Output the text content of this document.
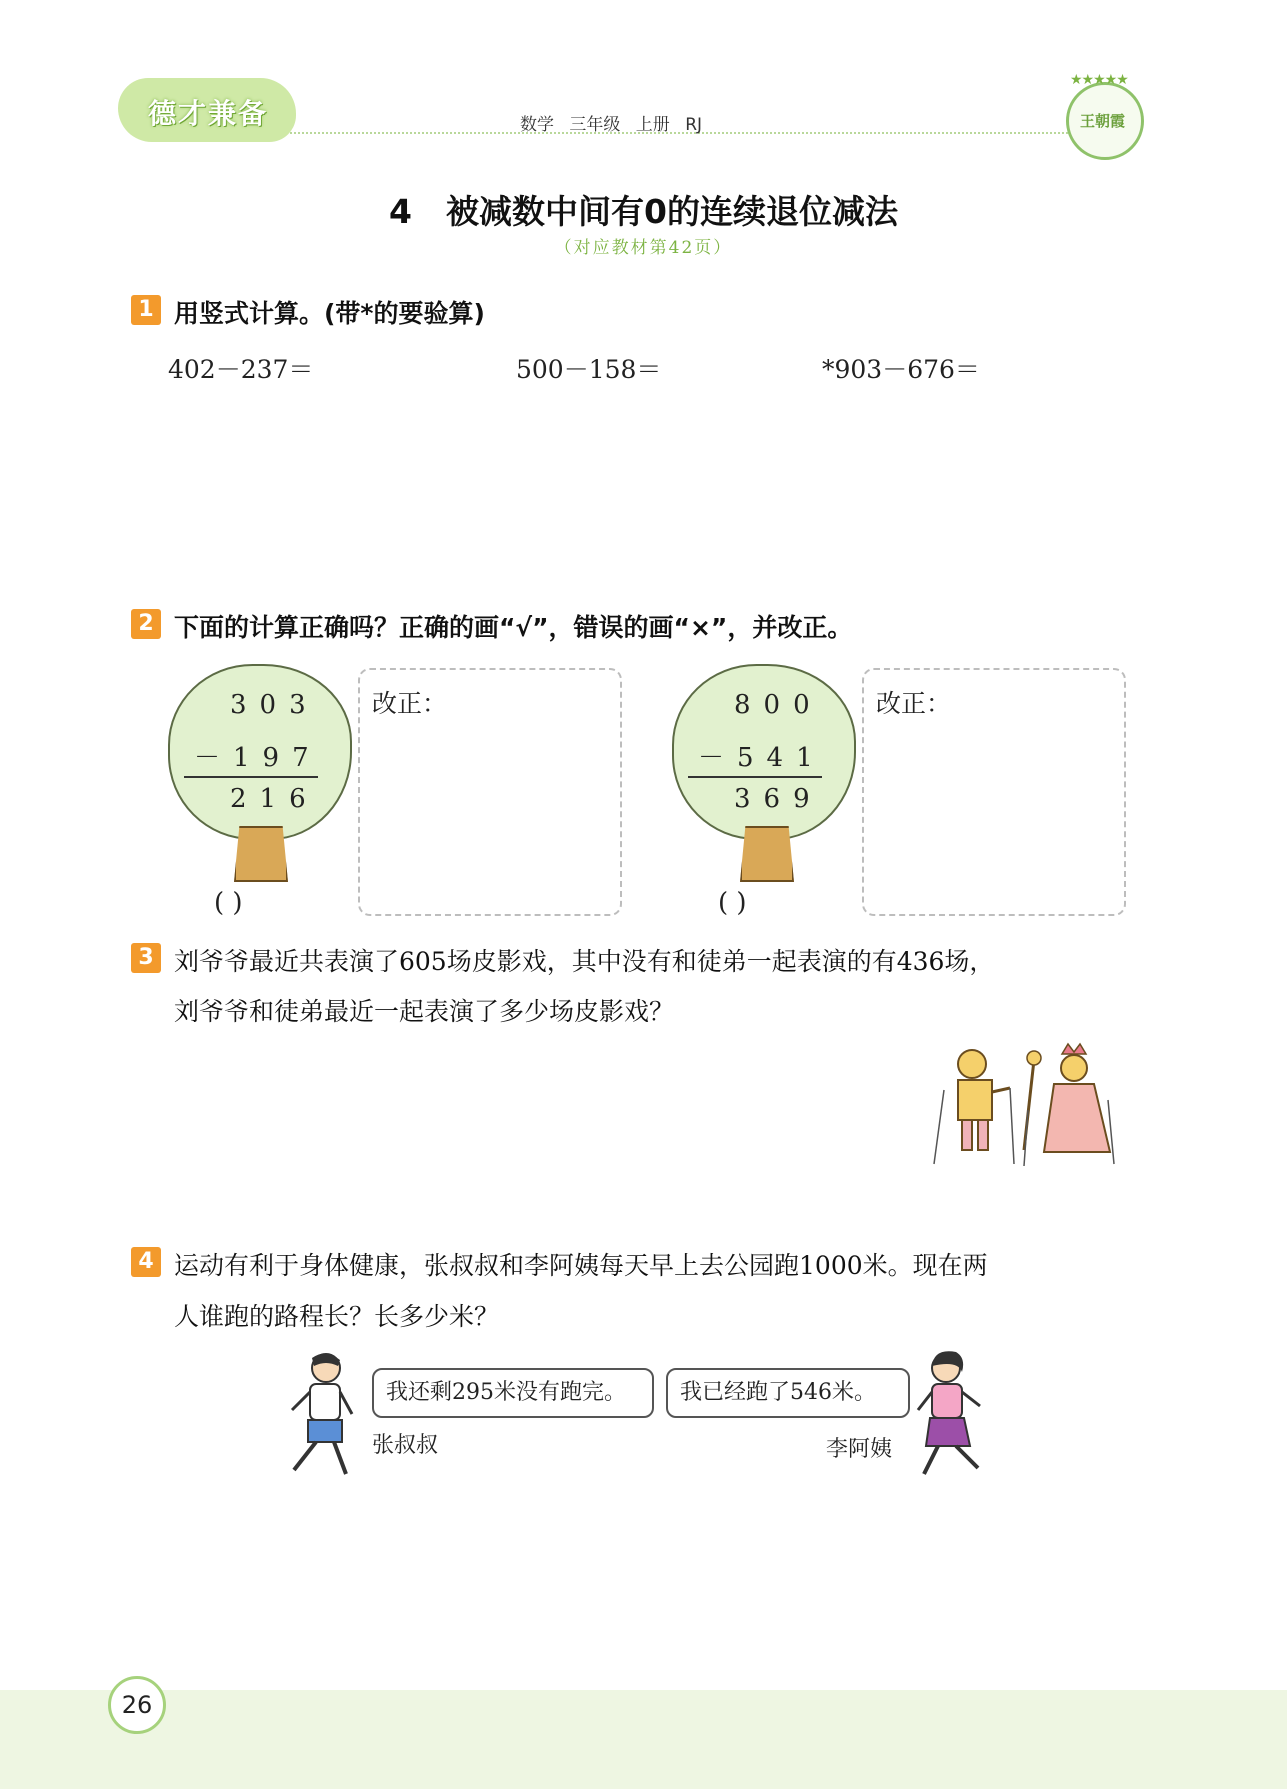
德才兼备	数学 三年级 上册 RJ
★★★★★
王朝霞
4 被减数中间有0的连续退位减法
（对应教材第42页）
1 用竖式计算。(带*的要验算)
402－237＝	500－158＝	*903－676＝
2 下面的计算正确吗？正确的画“√”，错误的画“×”，并改正。
303
－197
216
( )
改正：	800
－541
369
( )
改正：
3 刘爷爷最近共表演了605场皮影戏，其中没有和徒弟一起表演的有436场，
刘爷爷和徒弟最近一起表演了多少场皮影戏？
4 运动有利于身体健康，张叔叔和李阿姨每天早上去公园跑1000米。现在两
人谁跑的路程长？长多少米？
我还剩295米没有跑完。
张叔叔
我已经跑了546米。
李阿姨
26
